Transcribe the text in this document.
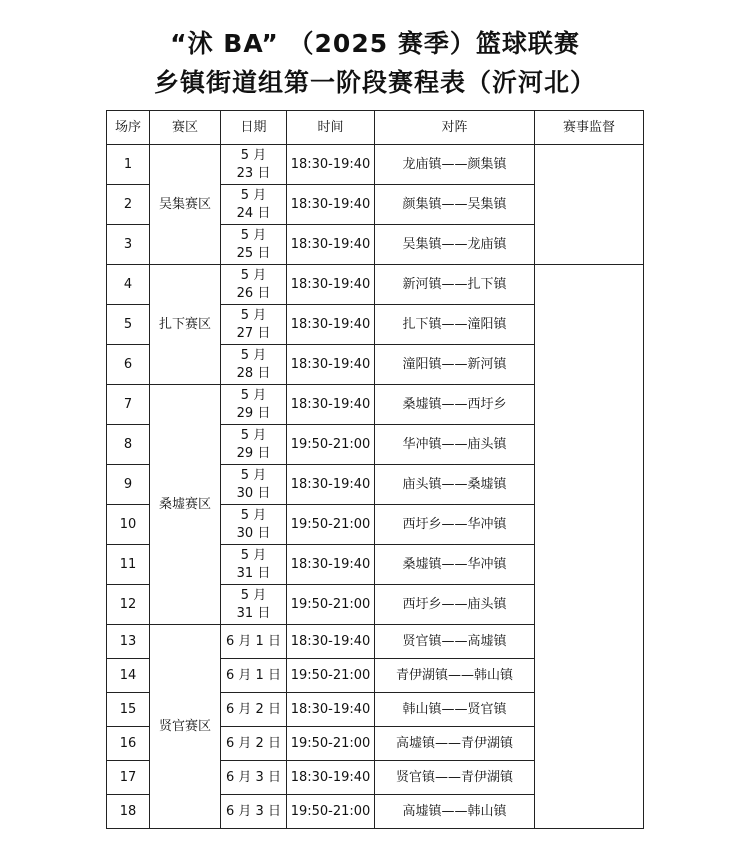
“沭 BA” （2025 赛季）篮球联赛
乡镇街道组第一阶段赛程表（沂河北）
场序	赛区	日期	时间	对阵	赛事监督
1	吴集赛区	5 月 23 日	18:30-19:40	龙庙镇——颜集镇	
2		5 月 24 日	18:30-19:40	颜集镇——吴集镇	
3		5 月 25 日	18:30-19:40	吴集镇——龙庙镇	
4	扎下赛区	5 月 26 日	18:30-19:40	新河镇——扎下镇	
5		5 月 27 日	18:30-19:40	扎下镇——潼阳镇	
6		5 月 28 日	18:30-19:40	潼阳镇——新河镇	
7	桑墟赛区	5 月 29 日	18:30-19:40	桑墟镇——西圩乡	
8		5 月 29 日	19:50-21:00	华冲镇——庙头镇	
9		5 月 30 日	18:30-19:40	庙头镇——桑墟镇	
10		5 月 30 日	19:50-21:00	西圩乡——华冲镇	
11		5 月 31 日	18:30-19:40	桑墟镇——华冲镇	
12		5 月 31 日	19:50-21:00	西圩乡——庙头镇	
13	贤官赛区	6 月 1 日	18:30-19:40	贤官镇——高墟镇	
14		6 月 1 日	19:50-21:00	青伊湖镇——韩山镇	
15		6 月 2 日	18:30-19:40	韩山镇——贤官镇	
16		6 月 2 日	19:50-21:00	高墟镇——青伊湖镇	
17		6 月 3 日	18:30-19:40	贤官镇——青伊湖镇	
18		6 月 3 日	19:50-21:00	高墟镇——韩山镇	
